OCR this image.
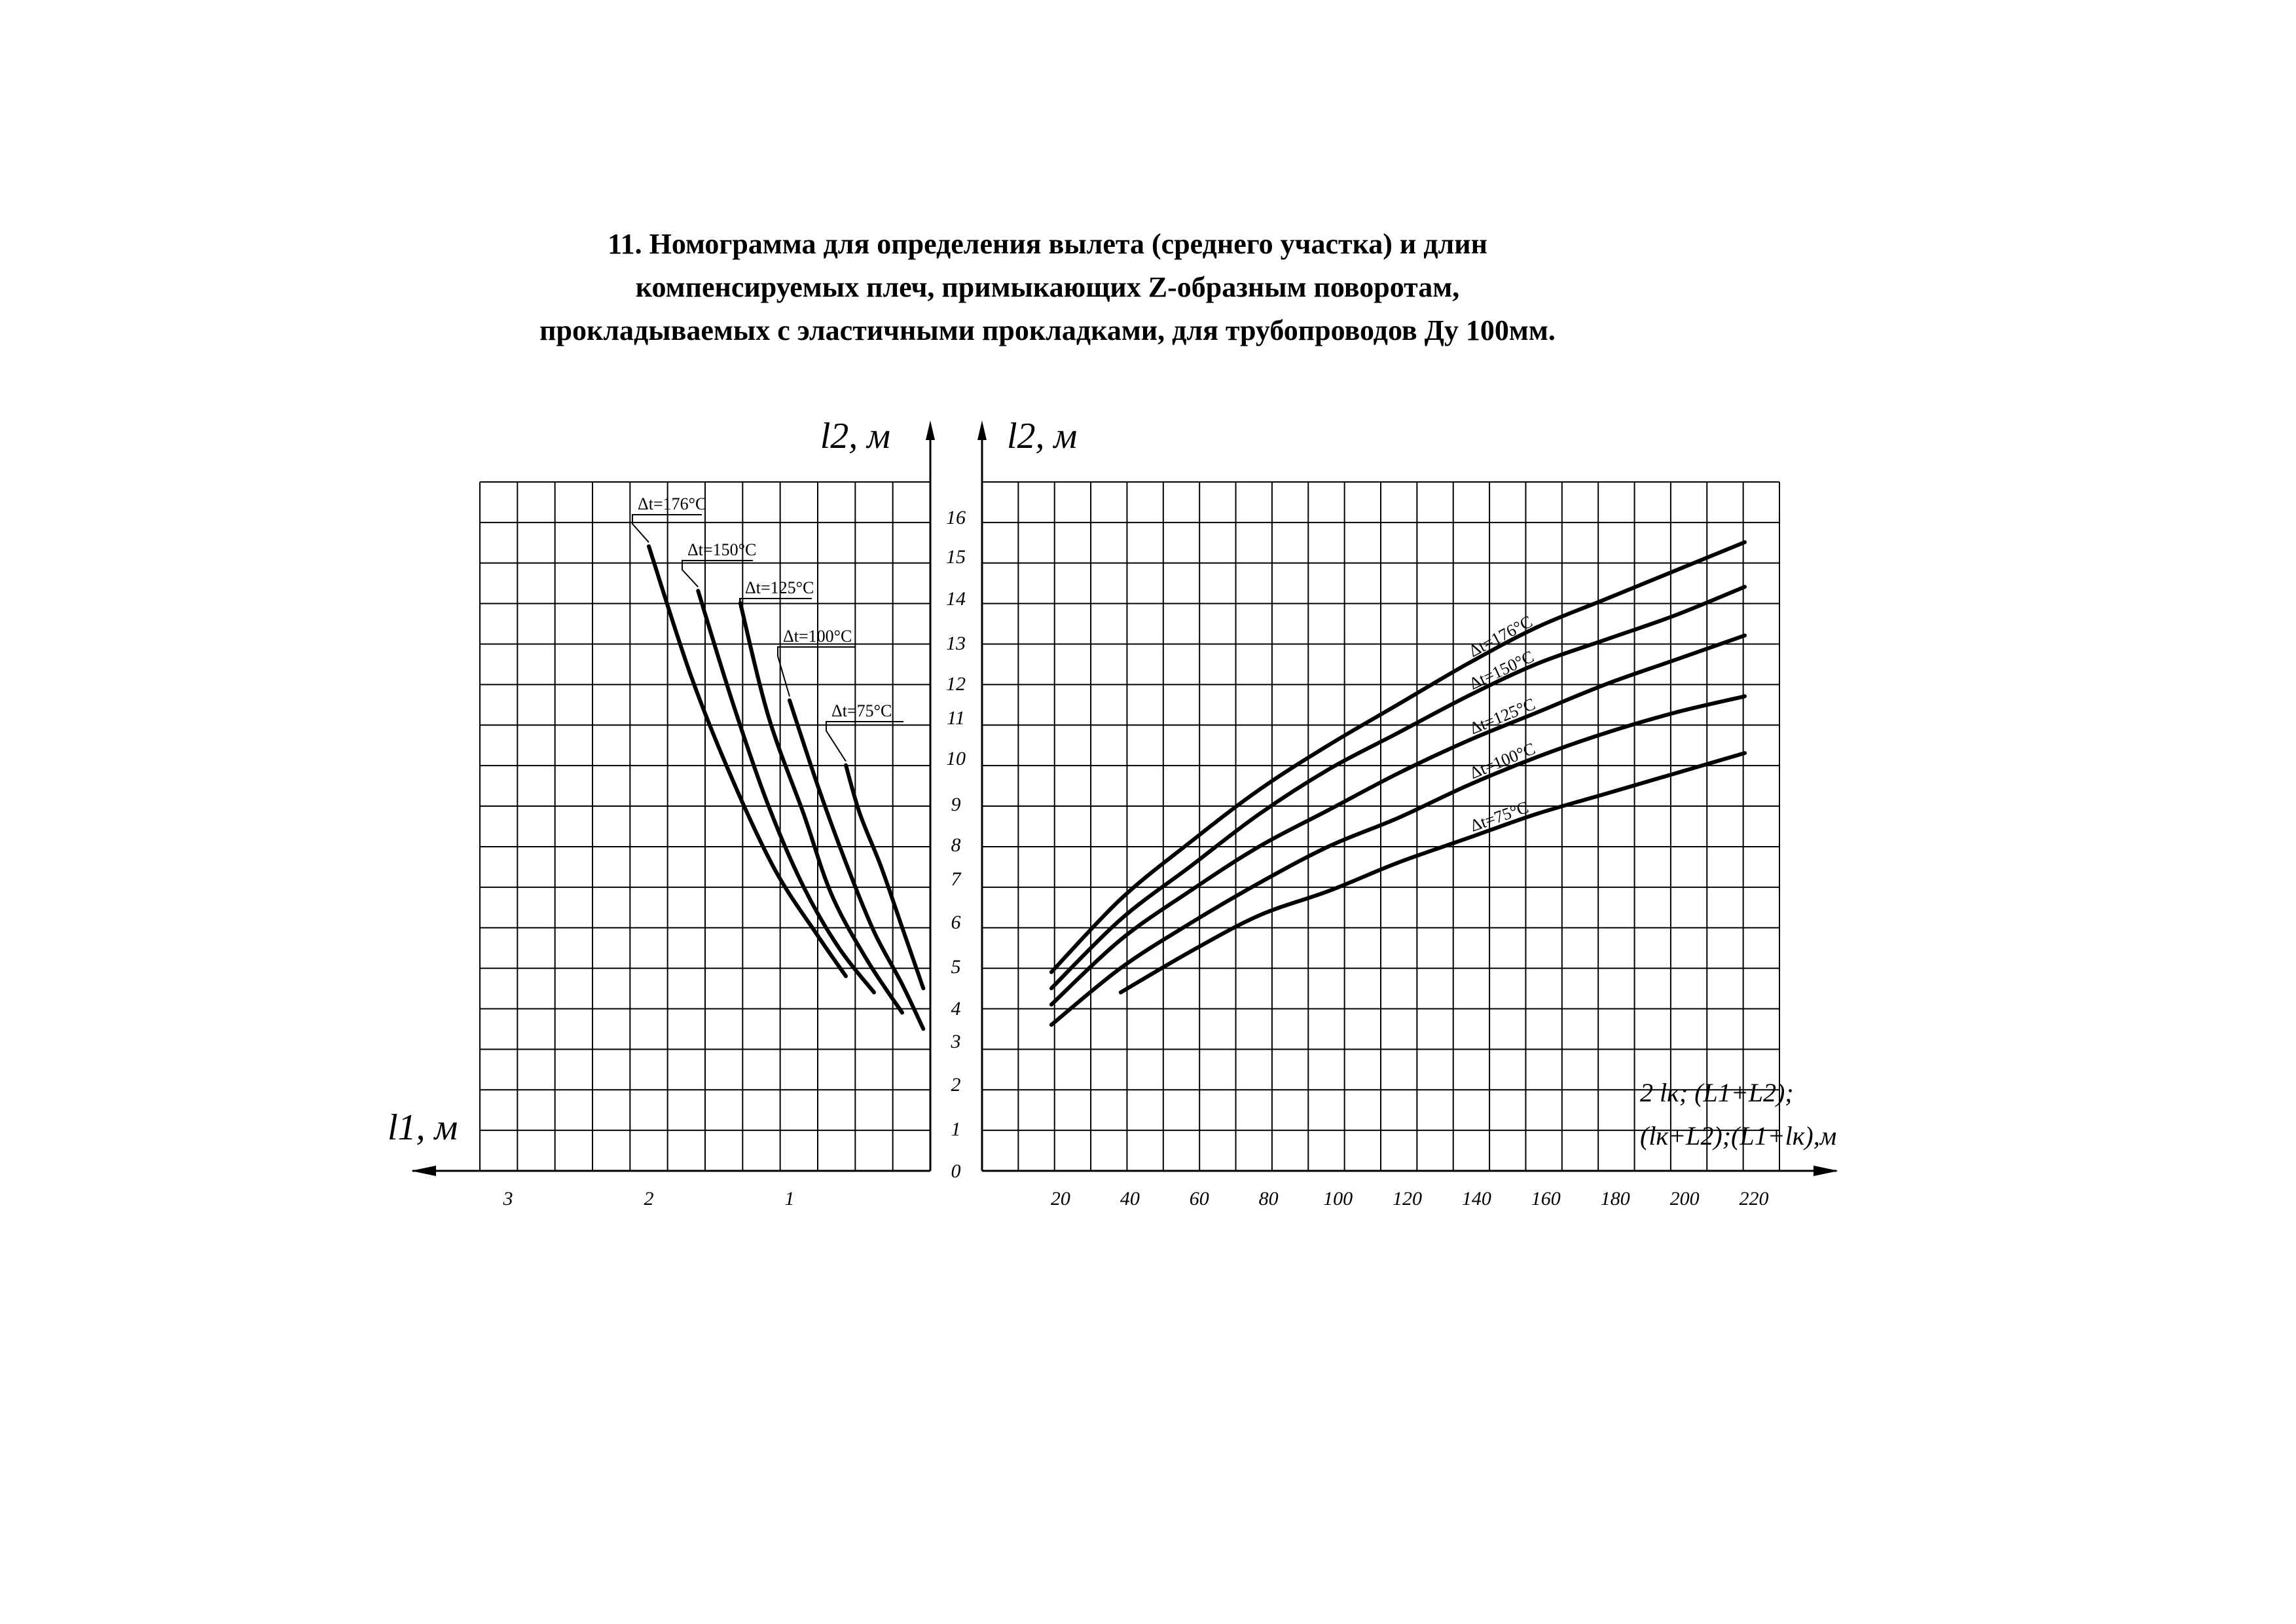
11. Номограмма для определения вылета (среднего участка) и длин
компенсируемых плеч, примыкающих Z-образным поворотам,
прокладываемых с эластичными прокладками, для трубопроводов Ду 100мм.
0
1
2
3
4
5
6
7
8
9
10
11
12
13
14
15
16
3	2	1	20	40	60	80 100 120 140 160 180 200 220
l2, м	l2, м
l1, м
2 lк; (L1+L2);
(lк+L2);(L1+lк),м
Δt=176°C
Δt=150°C
Δt=125°C
Δt=100°C
Δt=75°C
Δt=176°C
Δt=150°C
Δt=125°C
Δt=100°C
Δt=75°C
